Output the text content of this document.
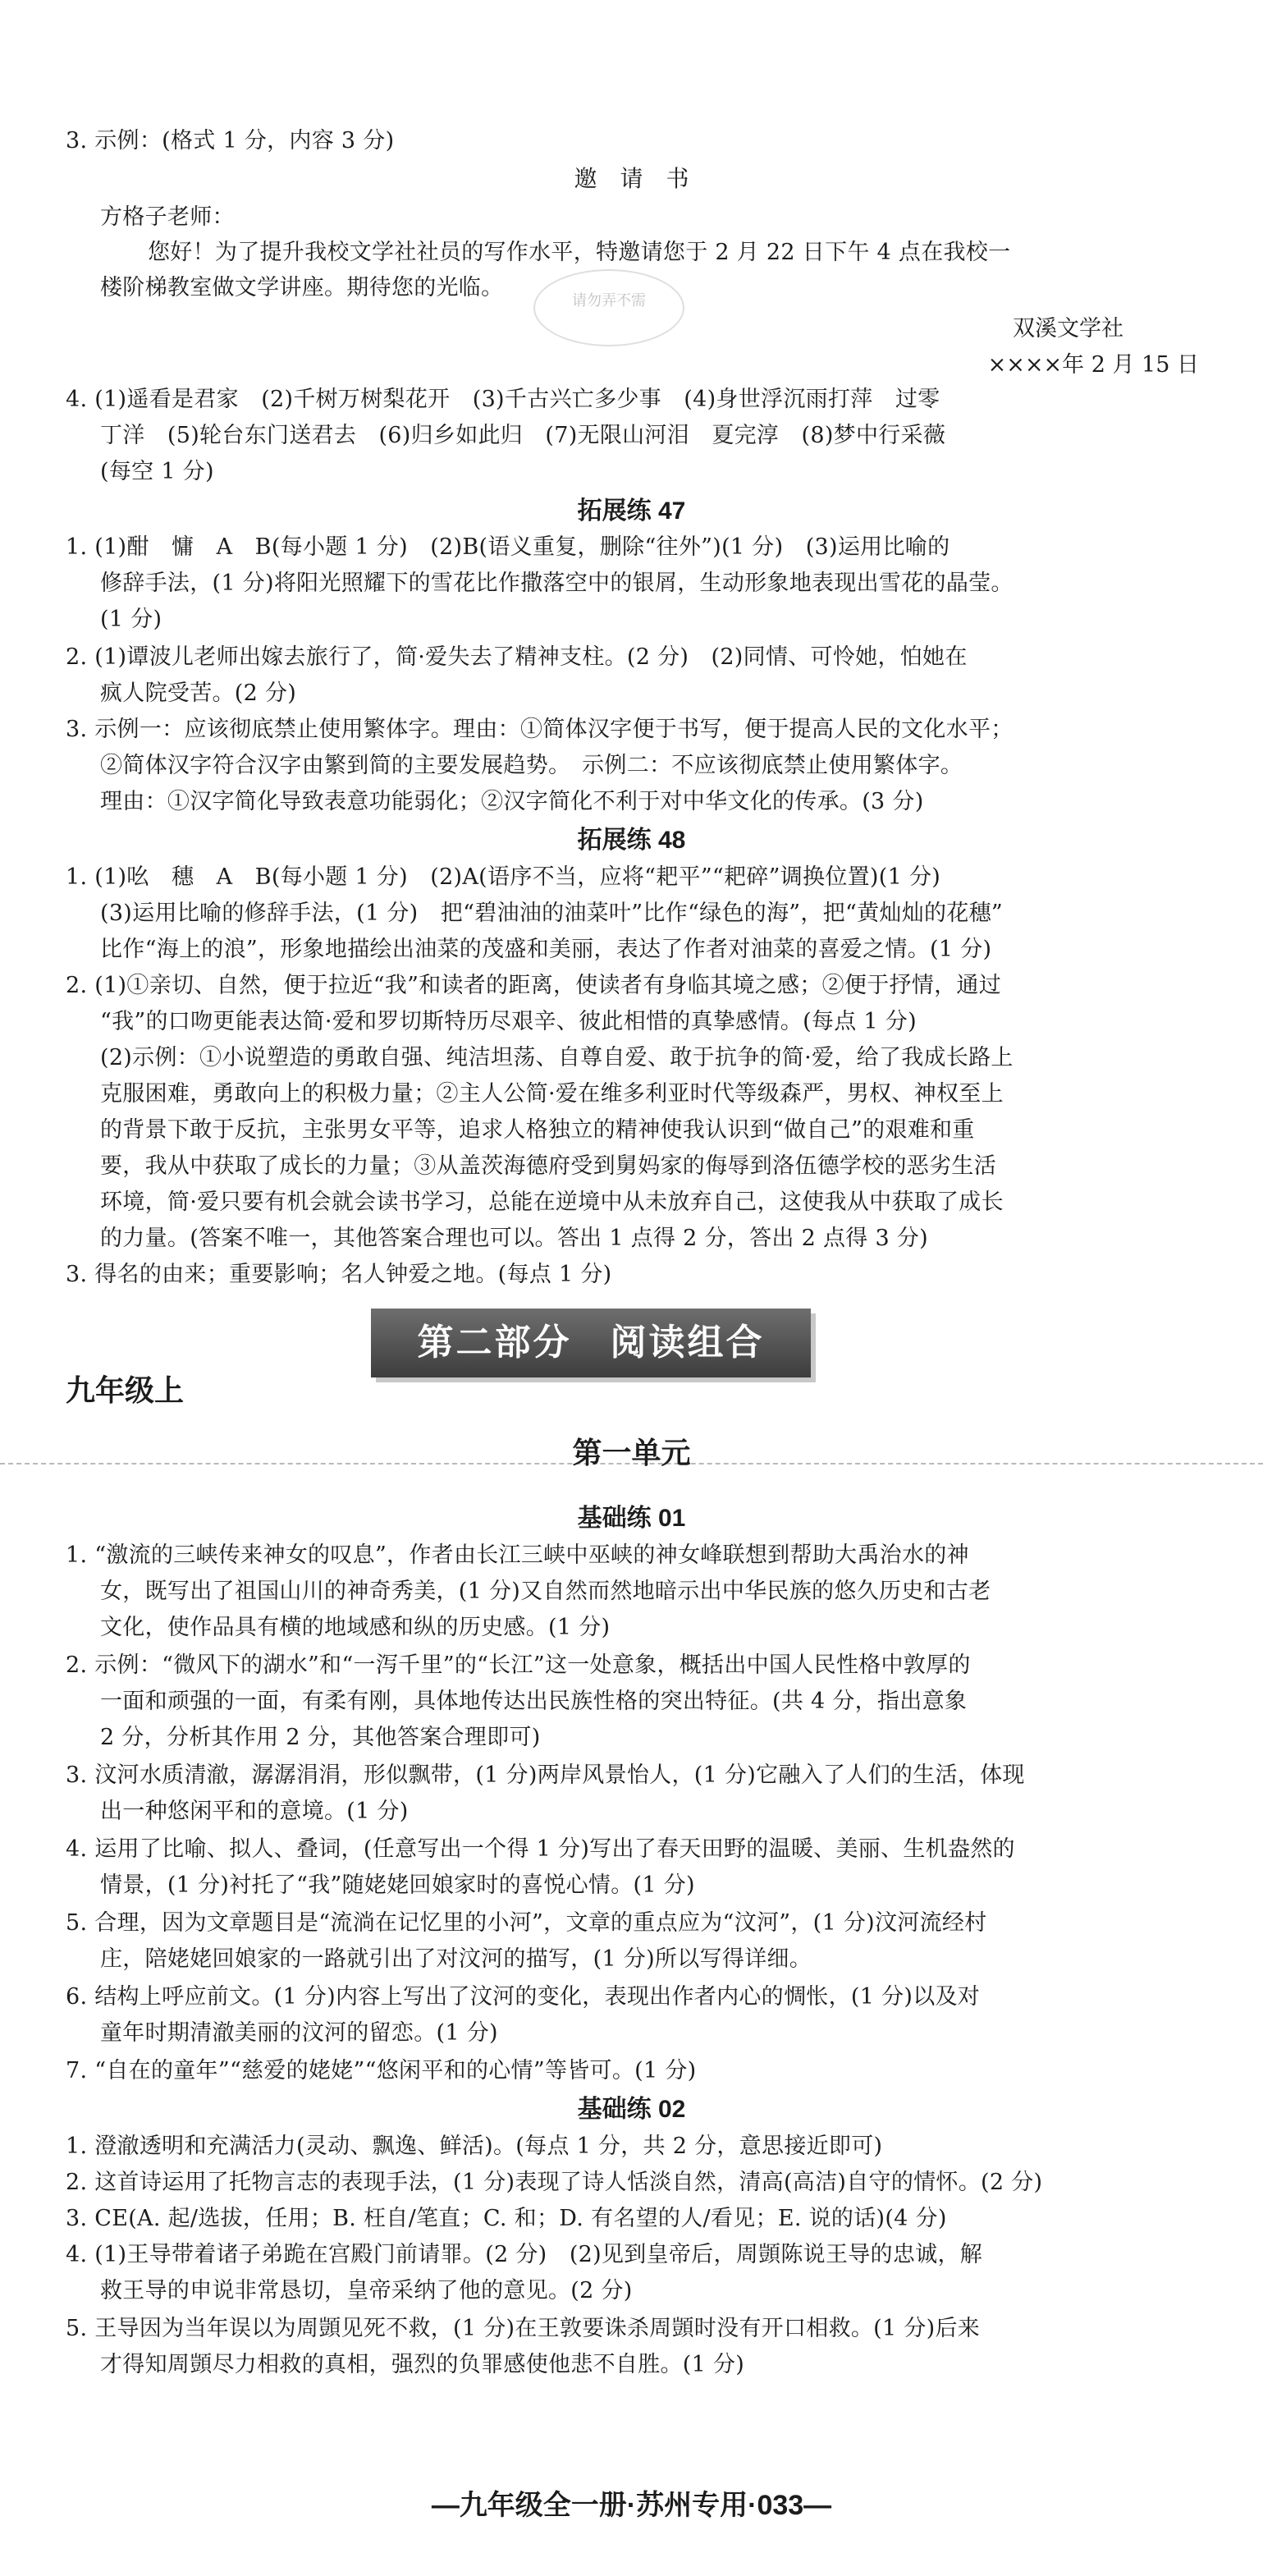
3. 示例：(格式 1 分，内容 3 分)
邀　请　书
方格子老师：
您好！为了提升我校文学社社员的写作水平，特邀请您于 2 月 22 日下午 4 点在我校一
楼阶梯教室做文学讲座。期待您的光临。
请勿弄不需
双溪文学社
××××年 2 月 15 日
4. (1)遥看是君家　(2)千树万树梨花开　(3)千古兴亡多少事　(4)身世浮沉雨打萍　过零
丁洋　(5)轮台东门送君去　(6)归乡如此归　(7)无限山河泪　夏完淳　(8)梦中行采薇
(每空 1 分)
拓展练 47
1. (1)酣　慵　A　B(每小题 1 分)　(2)B(语义重复，删除“往外”)(1 分)　(3)运用比喻的
修辞手法，(1 分)将阳光照耀下的雪花比作撒落空中的银屑，生动形象地表现出雪花的晶莹。
(1 分)
2. (1)谭波儿老师出嫁去旅行了，简·爱失去了精神支柱。(2 分)　(2)同情、可怜她，怕她在
疯人院受苦。(2 分)
3. 示例一：应该彻底禁止使用繁体字。理由：①简体汉字便于书写，便于提高人民的文化水平；
②简体汉字符合汉字由繁到简的主要发展趋势。　示例二：不应该彻底禁止使用繁体字。
理由：①汉字简化导致表意功能弱化；②汉字简化不利于对中华文化的传承。(3 分)
拓展练 48
1. (1)吆　穗　A　B(每小题 1 分)　(2)A(语序不当，应将“耙平”“耙碎”调换位置)(1 分)
(3)运用比喻的修辞手法，(1 分)　把“碧油油的油菜叶”比作“绿色的海”，把“黄灿灿的花穗”
比作“海上的浪”，形象地描绘出油菜的茂盛和美丽，表达了作者对油菜的喜爱之情。(1 分)
2. (1)①亲切、自然，便于拉近“我”和读者的距离，使读者有身临其境之感；②便于抒情，通过
“我”的口吻更能表达简·爱和罗切斯特历尽艰辛、彼此相惜的真挚感情。(每点 1 分)
(2)示例：①小说塑造的勇敢自强、纯洁坦荡、自尊自爱、敢于抗争的简·爱，给了我成长路上
克服困难，勇敢向上的积极力量；②主人公简·爱在维多利亚时代等级森严，男权、神权至上
的背景下敢于反抗，主张男女平等，追求人格独立的精神使我认识到“做自己”的艰难和重
要，我从中获取了成长的力量；③从盖茨海德府受到舅妈家的侮辱到洛伍德学校的恶劣生活
环境，简·爱只要有机会就会读书学习，总能在逆境中从未放弃自己，这使我从中获取了成长
的力量。(答案不唯一，其他答案合理也可以。答出 1 点得 2 分，答出 2 点得 3 分)
3. 得名的由来；重要影响；名人钟爱之地。(每点 1 分)
第二部分　阅读组合
九年级上
第一单元
基础练 01
1. “激流的三峡传来神女的叹息”，作者由长江三峡中巫峡的神女峰联想到帮助大禹治水的神
女，既写出了祖国山川的神奇秀美，(1 分)又自然而然地暗示出中华民族的悠久历史和古老
文化，使作品具有横的地域感和纵的历史感。(1 分)
2. 示例：“微风下的湖水”和“一泻千里”的“长江”这一处意象，概括出中国人民性格中敦厚的
一面和顽强的一面，有柔有刚，具体地传达出民族性格的突出特征。(共 4 分，指出意象
2 分，分析其作用 2 分，其他答案合理即可)
3. 汶河水质清澈，潺潺涓涓，形似飘带，(1 分)两岸风景怡人，(1 分)它融入了人们的生活，体现
出一种悠闲平和的意境。(1 分)
4. 运用了比喻、拟人、叠词，(任意写出一个得 1 分)写出了春天田野的温暖、美丽、生机盎然的
情景，(1 分)衬托了“我”随姥姥回娘家时的喜悦心情。(1 分)
5. 合理，因为文章题目是“流淌在记忆里的小河”，文章的重点应为“汶河”，(1 分)汶河流经村
庄，陪姥姥回娘家的一路就引出了对汶河的描写，(1 分)所以写得详细。
6. 结构上呼应前文。(1 分)内容上写出了汶河的变化，表现出作者内心的惆怅，(1 分)以及对
童年时期清澈美丽的汶河的留恋。(1 分)
7. “自在的童年”“慈爱的姥姥”“悠闲平和的心情”等皆可。(1 分)
基础练 02
1. 澄澈透明和充满活力(灵动、飘逸、鲜活)。(每点 1 分，共 2 分，意思接近即可)
2. 这首诗运用了托物言志的表现手法，(1 分)表现了诗人恬淡自然，清高(高洁)自守的情怀。(2 分)
3. CE(A. 起/选拔，任用；B. 枉自/笔直；C. 和；D. 有名望的人/看见；E. 说的话)(4 分)
4. (1)王导带着诸子弟跪在宫殿门前请罪。(2 分)　(2)见到皇帝后，周顗陈说王导的忠诚，解
救王导的申说非常恳切，皇帝采纳了他的意见。(2 分)
5. 王导因为当年误以为周顗见死不救，(1 分)在王敦要诛杀周顗时没有开口相救。(1 分)后来
才得知周顗尽力相救的真相，强烈的负罪感使他悲不自胜。(1 分)
—九年级全一册·苏州专用·033—
